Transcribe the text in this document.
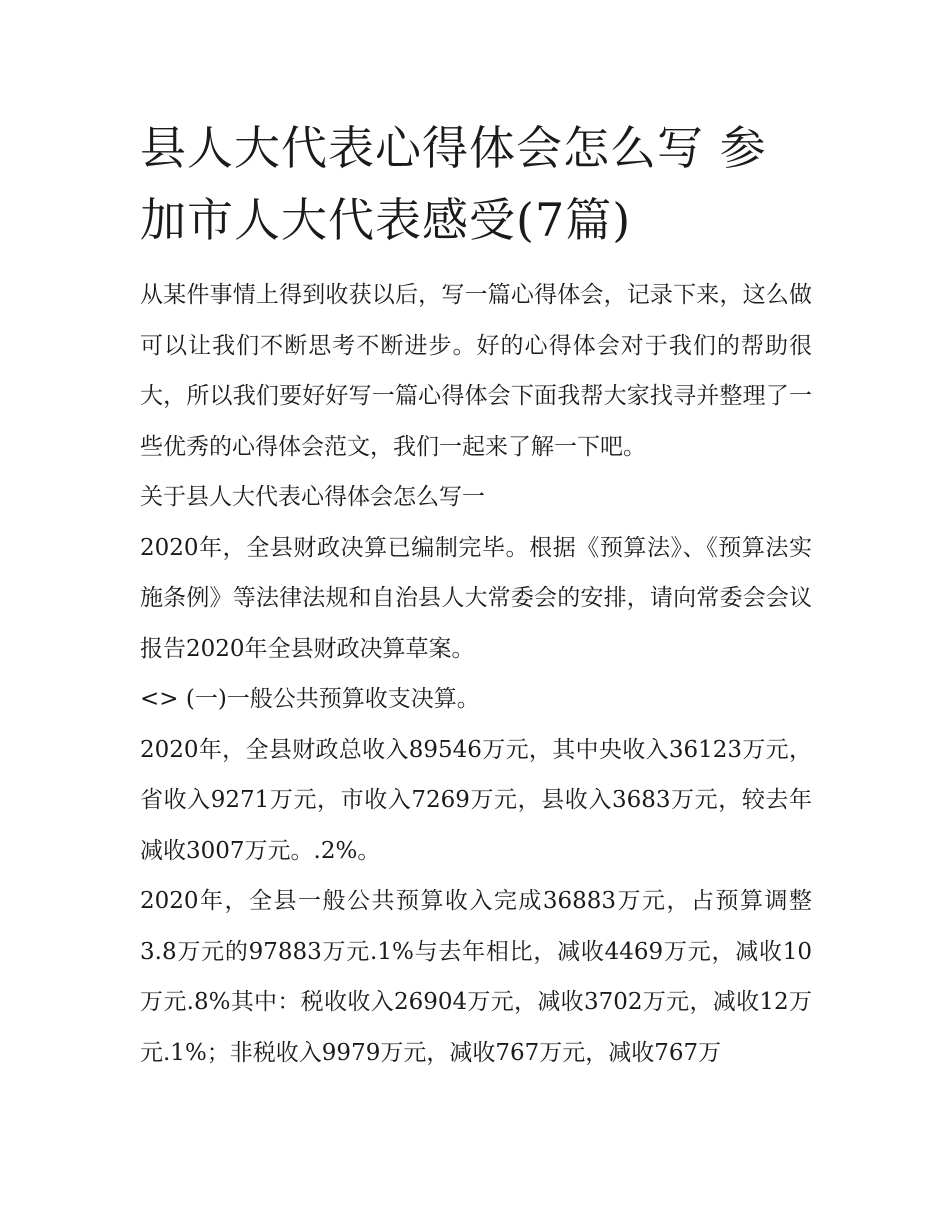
县人大代表心得体会怎么写 参加市人大代表感受(7篇)

从某件事情上得到收获以后，写一篇心得体会，记录下来，这么做可以让我们不断思考不断进步。好的心得体会对于我们的帮助很大，所以我们要好好写一篇心得体会下面我帮大家找寻并整理了一些优秀的心得体会范文，我们一起来了解一下吧。

关于县人大代表心得体会怎么写一

2020年，全县财政决算已编制完毕。根据《预算法》、《预算法实施条例》等法律法规和自治县人大常委会的安排，请向常委会会议报告2020年全县财政决算草案。

<> (一)一般公共预算收支决算。

2020年，全县财政总收入89546万元，其中央收入36123万元，省收入9271万元，市收入7269万元，县收入3683万元，较去年减收3007万元。.2%。

2020年，全县一般公共预算收入完成36883万元，占预算调整3.8万元的97883万元.1%与去年相比，减收4469万元，减收10万元.8%其中：税收收入26904万元，减收3702万元，减收12万元.1%；非税收入9979万元，减收767万元，减收767万
